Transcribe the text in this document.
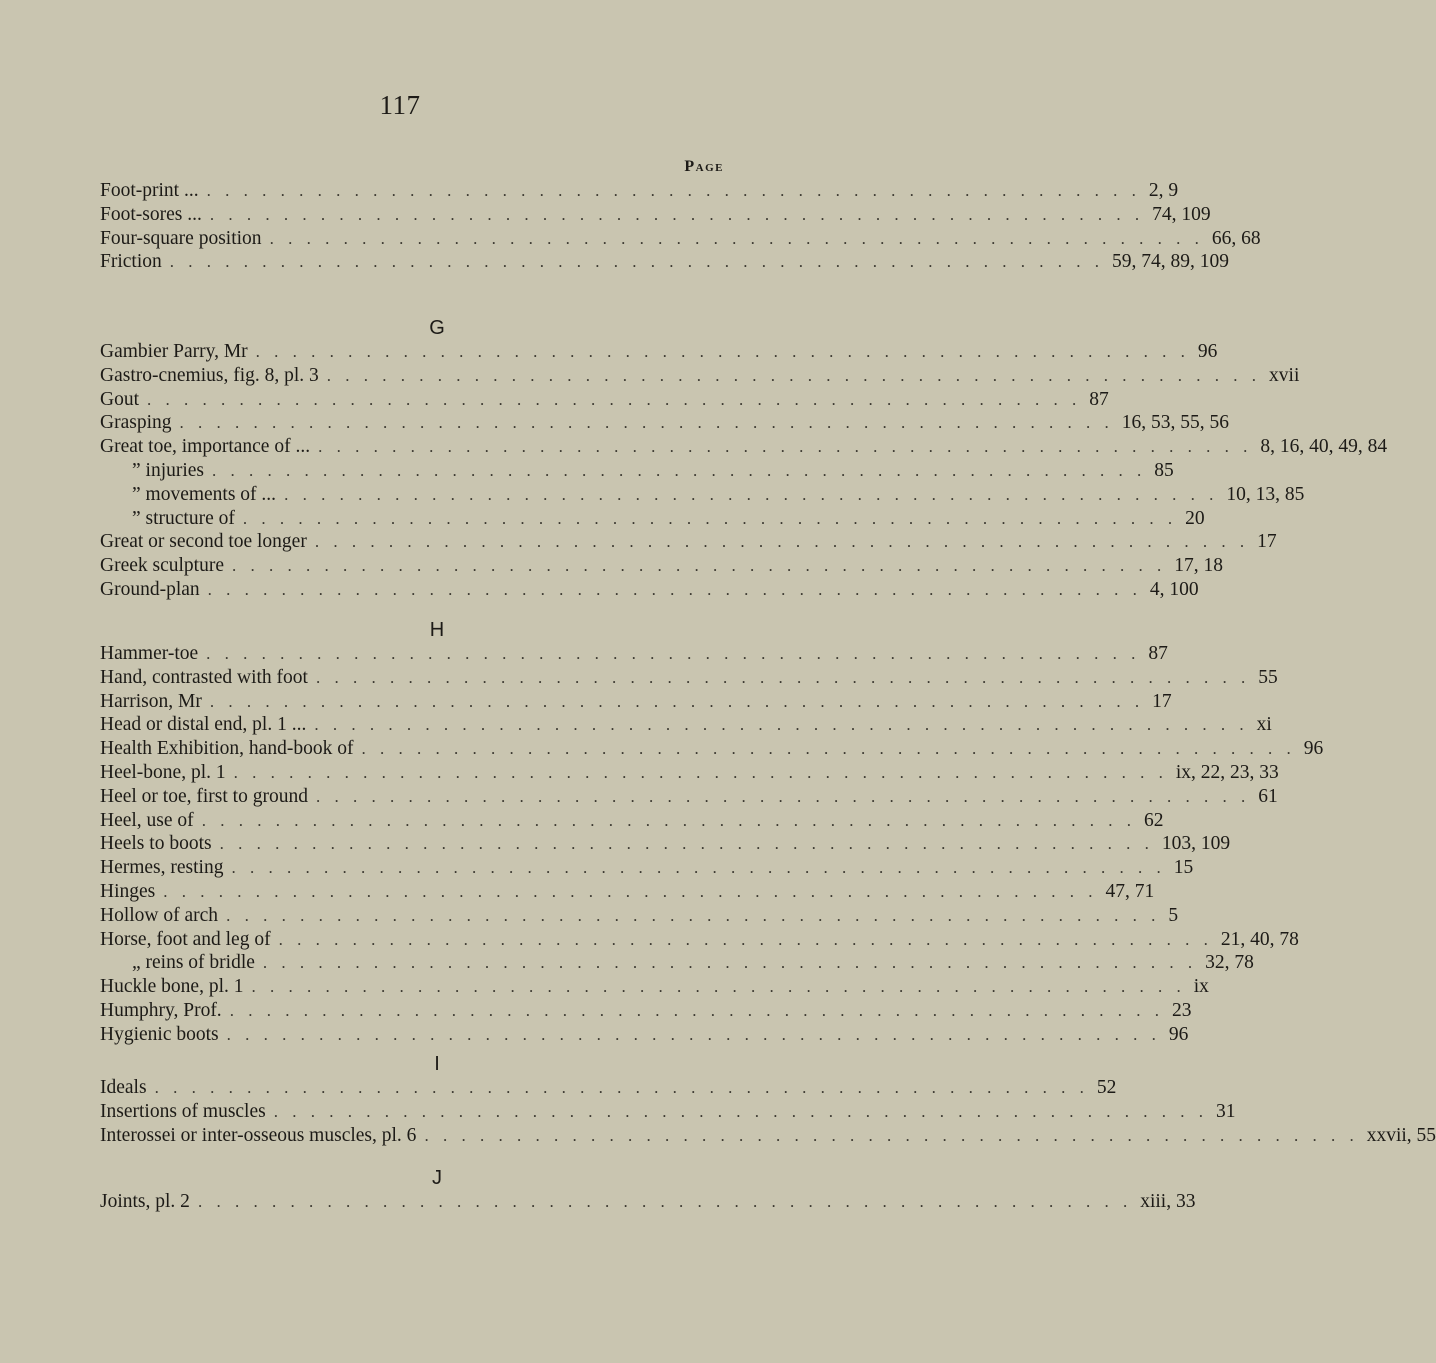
117
Page
Foot-print ... . . . . . . . . . . . . . . . . . . . . . . . . . . . . . . . . . . . . . . . . . . . . . . . . . . . 2, 9
Foot-sores ... . . . . . . . . . . . . . . . . . . . . . . . . . . . . . . . . . . . . . . . . . . . . . . . . . . . 74, 109
Four-square position . . . . . . . . . . . . . . . . . . . . . . . . . . . . . . . . . . . . . . . . . . . . . . . . . . . 66, 68
Friction . . . . . . . . . . . . . . . . . . . . . . . . . . . . . . . . . . . . . . . . . . . . . . . . . . . 59, 74, 89, 109
G
Gambier Parry, Mr . . . . . . . . . . . . . . . . . . . . . . . . . . . . . . . . . . . . . . . . . . . . . . . . . . . 96
Gastro-cnemius, fig. 8, pl. 3 . . . . . . . . . . . . . . . . . . . . . . . . . . . . . . . . . . . . . . . . . . . . . . . . . . . xvii
Gout . . . . . . . . . . . . . . . . . . . . . . . . . . . . . . . . . . . . . . . . . . . . . . . . . . . 87
Grasping . . . . . . . . . . . . . . . . . . . . . . . . . . . . . . . . . . . . . . . . . . . . . . . . . . . 16, 53, 55, 56
Great toe, importance of ... . . . . . . . . . . . . . . . . . . . . . . . . . . . . . . . . . . . . . . . . . . . . . . . . . . . 8, 16, 40, 49, 84
” injuries . . . . . . . . . . . . . . . . . . . . . . . . . . . . . . . . . . . . . . . . . . . . . . . . . . . 85
” movements of ... . . . . . . . . . . . . . . . . . . . . . . . . . . . . . . . . . . . . . . . . . . . . . . . . . . . 10, 13, 85
” structure of . . . . . . . . . . . . . . . . . . . . . . . . . . . . . . . . . . . . . . . . . . . . . . . . . . . 20
Great or second toe longer . . . . . . . . . . . . . . . . . . . . . . . . . . . . . . . . . . . . . . . . . . . . . . . . . . . 17
Greek sculpture . . . . . . . . . . . . . . . . . . . . . . . . . . . . . . . . . . . . . . . . . . . . . . . . . . . 17, 18
Ground-plan . . . . . . . . . . . . . . . . . . . . . . . . . . . . . . . . . . . . . . . . . . . . . . . . . . . 4, 100
H
Hammer-toe . . . . . . . . . . . . . . . . . . . . . . . . . . . . . . . . . . . . . . . . . . . . . . . . . . . 87
Hand, contrasted with foot . . . . . . . . . . . . . . . . . . . . . . . . . . . . . . . . . . . . . . . . . . . . . . . . . . . 55
Harrison, Mr . . . . . . . . . . . . . . . . . . . . . . . . . . . . . . . . . . . . . . . . . . . . . . . . . . . 17
Head or distal end, pl. 1 ... . . . . . . . . . . . . . . . . . . . . . . . . . . . . . . . . . . . . . . . . . . . . . . . . . . . xi
Health Exhibition, hand-book of . . . . . . . . . . . . . . . . . . . . . . . . . . . . . . . . . . . . . . . . . . . . . . . . . . . 96
Heel-bone, pl. 1 . . . . . . . . . . . . . . . . . . . . . . . . . . . . . . . . . . . . . . . . . . . . . . . . . . . ix, 22, 23, 33
Heel or toe, first to ground . . . . . . . . . . . . . . . . . . . . . . . . . . . . . . . . . . . . . . . . . . . . . . . . . . . 61
Heel, use of . . . . . . . . . . . . . . . . . . . . . . . . . . . . . . . . . . . . . . . . . . . . . . . . . . . 62
Heels to boots . . . . . . . . . . . . . . . . . . . . . . . . . . . . . . . . . . . . . . . . . . . . . . . . . . . 103, 109
Hermes, resting . . . . . . . . . . . . . . . . . . . . . . . . . . . . . . . . . . . . . . . . . . . . . . . . . . . 15
Hinges . . . . . . . . . . . . . . . . . . . . . . . . . . . . . . . . . . . . . . . . . . . . . . . . . . . 47, 71
Hollow of arch . . . . . . . . . . . . . . . . . . . . . . . . . . . . . . . . . . . . . . . . . . . . . . . . . . . 5
Horse, foot and leg of . . . . . . . . . . . . . . . . . . . . . . . . . . . . . . . . . . . . . . . . . . . . . . . . . . . 21, 40, 78
„ reins of bridle . . . . . . . . . . . . . . . . . . . . . . . . . . . . . . . . . . . . . . . . . . . . . . . . . . . 32, 78
Huckle bone, pl. 1 . . . . . . . . . . . . . . . . . . . . . . . . . . . . . . . . . . . . . . . . . . . . . . . . . . . ix
Humphry, Prof. . . . . . . . . . . . . . . . . . . . . . . . . . . . . . . . . . . . . . . . . . . . . . . . . . . . 23
Hygienic boots . . . . . . . . . . . . . . . . . . . . . . . . . . . . . . . . . . . . . . . . . . . . . . . . . . . 96
I
Ideals . . . . . . . . . . . . . . . . . . . . . . . . . . . . . . . . . . . . . . . . . . . . . . . . . . . 52
Insertions of muscles . . . . . . . . . . . . . . . . . . . . . . . . . . . . . . . . . . . . . . . . . . . . . . . . . . . 31
Interossei or inter-osseous muscles, pl. 6 . . . . . . . . . . . . . . . . . . . . . . . . . . . . . . . . . . . . . . . . . . . . . . . . . . . xxvii, 55
J
Joints, pl. 2 . . . . . . . . . . . . . . . . . . . . . . . . . . . . . . . . . . . . . . . . . . . . . . . . . . . xiii, 33
